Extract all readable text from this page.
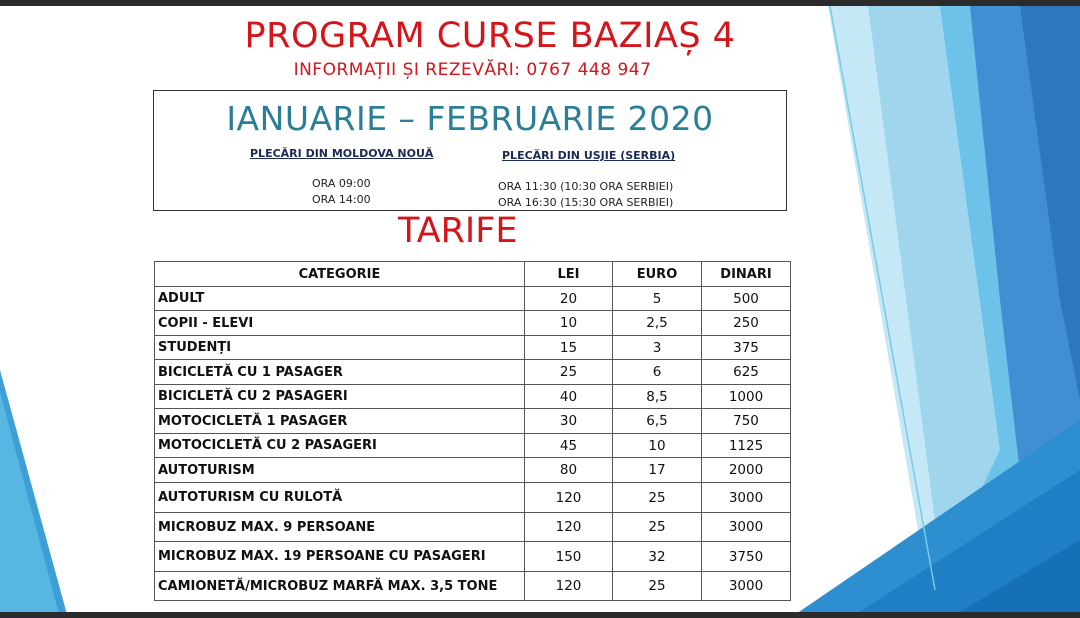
PROGRAM CURSE BAZIAȘ 4
INFORMAȚII ȘI REZEVĂRI: 0767 448 947
IANUARIE – FEBRUARIE 2020
PLECĂRI DIN MOLDOVA NOUĂ	PLECĂRI DIN USJIE (SERBIA)
ORA 09:00
ORA 14:00
ORA 11:30 (10:30 ORA SERBIEI)
ORA 16:30 (15:30 ORA SERBIEI)
TARIFE
CATEGORIE	LEI	EURO	DINARI
ADULT	20	5	500
COPII - ELEVI	10	2,5	250
STUDENȚI	15	3	375
BICICLETĂ CU 1 PASAGER	25	6	625
BICICLETĂ CU 2 PASAGERI	40	8,5	1000
MOTOCICLETĂ 1 PASAGER	30	6,5	750
MOTOCICLETĂ CU 2 PASAGERI	45	10	1125
AUTOTURISM	80	17	2000
AUTOTURISM CU RULOTĂ	120	25	3000
MICROBUZ MAX. 9 PERSOANE	120	25	3000
MICROBUZ MAX. 19 PERSOANE CU PASAGERI	150	32	3750
CAMIONETĂ/MICROBUZ MARFĂ MAX. 3,5 TONE	120	25	3000
